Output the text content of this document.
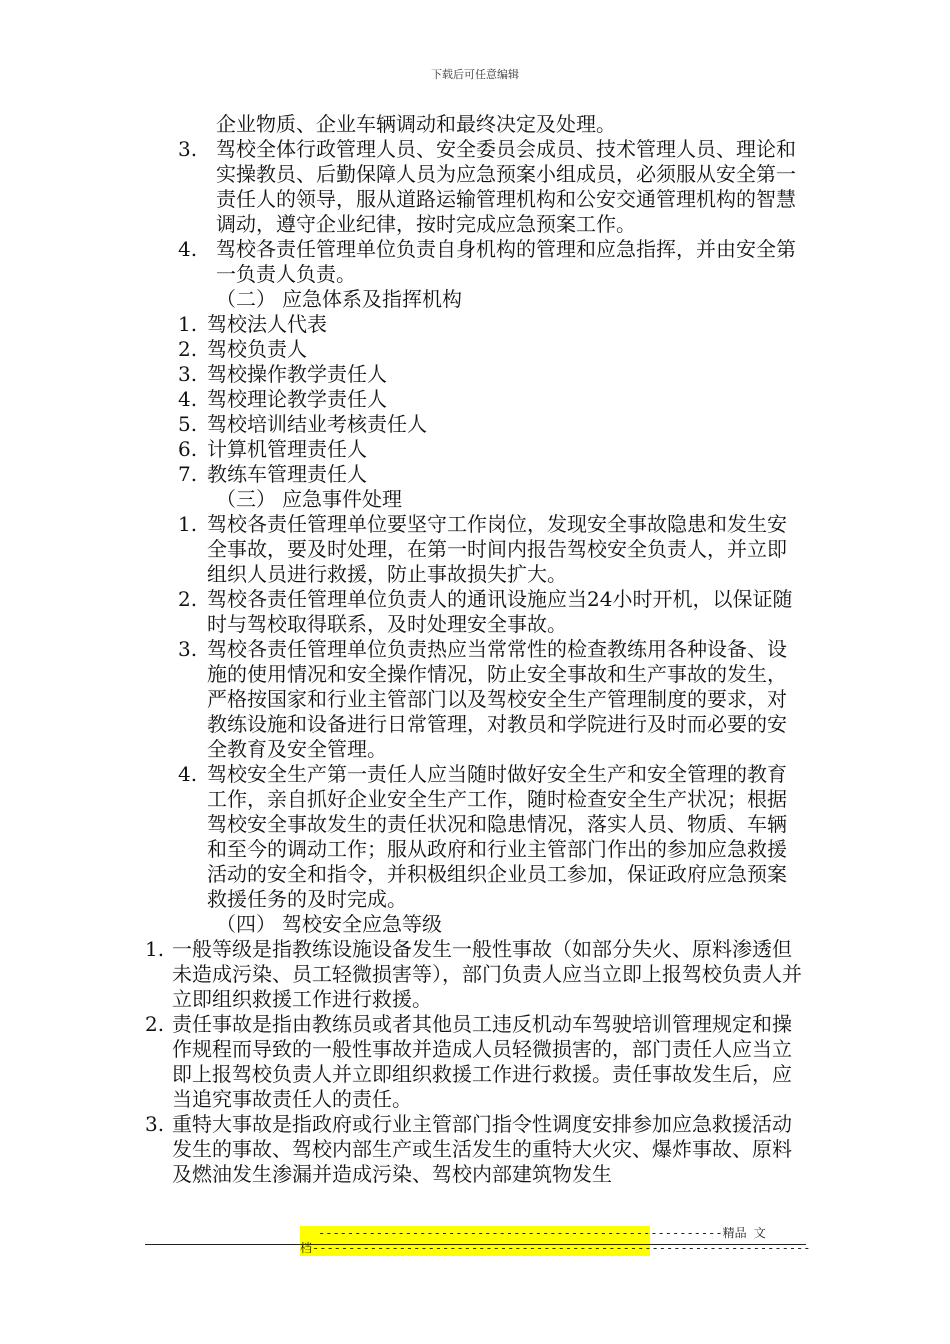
下载后可任意编辑

企业物质、企业车辆调动和最终决定及处理。

3. 驾校全体行政管理人员、安全委员会成员、技术管理人员、理论和实操教员、后勤保障人员为应急预案小组成员，必须服从安全第一责任人的领导，服从道路运输管理机构和公安交通管理机构的智慧调动，遵守企业纪律，按时完成应急预案工作。

4. 驾校各责任管理单位负责自身机构的管理和应急指挥，并由安全第一负责人负责。

（二） 应急体系及指挥机构

1. 驾校法人代表

2. 驾校负责人

3. 驾校操作教学责任人

4. 驾校理论教学责任人

5. 驾校培训结业考核责任人

6. 计算机管理责任人

7. 教练车管理责任人

（三） 应急事件处理

1. 驾校各责任管理单位要坚守工作岗位，发现安全事故隐患和发生安全事故，要及时处理，在第一时间内报告驾校安全负责人，并立即组织人员进行救援，防止事故损失扩大。

2. 驾校各责任管理单位负责人的通讯设施应当24小时开机，以保证随时与驾校取得联系，及时处理安全事故。

3. 驾校各责任管理单位负责热应当常常性的检查教练用各种设备、设施的使用情况和安全操作情况，防止安全事故和生产事故的发生，严格按国家和行业主管部门以及驾校安全生产管理制度的要求，对教练设施和设备进行日常管理，对教员和学院进行及时而必要的安全教育及安全管理。

4. 驾校安全生产第一责任人应当随时做好安全生产和安全管理的教育工作，亲自抓好企业安全生产工作，随时检查安全生产状况；根据驾校安全事故发生的责任状况和隐患情况，落实人员、物质、车辆和至今的调动工作；服从政府和行业主管部门作出的参加应急救援活动的安全和指令，并积极组织企业员工参加，保证政府应急预案救援任务的及时完成。

（四） 驾校安全应急等级

1. 一般等级是指教练设施设备发生一般性事故（如部分失火、原料渗透但未造成污染、员工轻微损害等），部门负责人应当立即上报驾校负责人并立即组织救援工作进行救援。

2. 责任事故是指由教练员或者其他员工违反机动车驾驶培训管理规定和操作规程而导致的一般性事故并造成人员轻微损害的，部门责任人应当立即上报驾校负责人并立即组织救援工作进行救援。责任事故发生后，应当追究事故责任人的责任。

3. 重特大事故是指政府或行业主管部门指令性调度安排参加应急救援活动发生的事故、驾校内部生产或生活发生的重特大火灾、爆炸事故、原料及燃油发生渗漏并造成污染、驾校内部建筑物发生

--------------------------------------------------------精品 文
档---------------------------------------------------------------------
